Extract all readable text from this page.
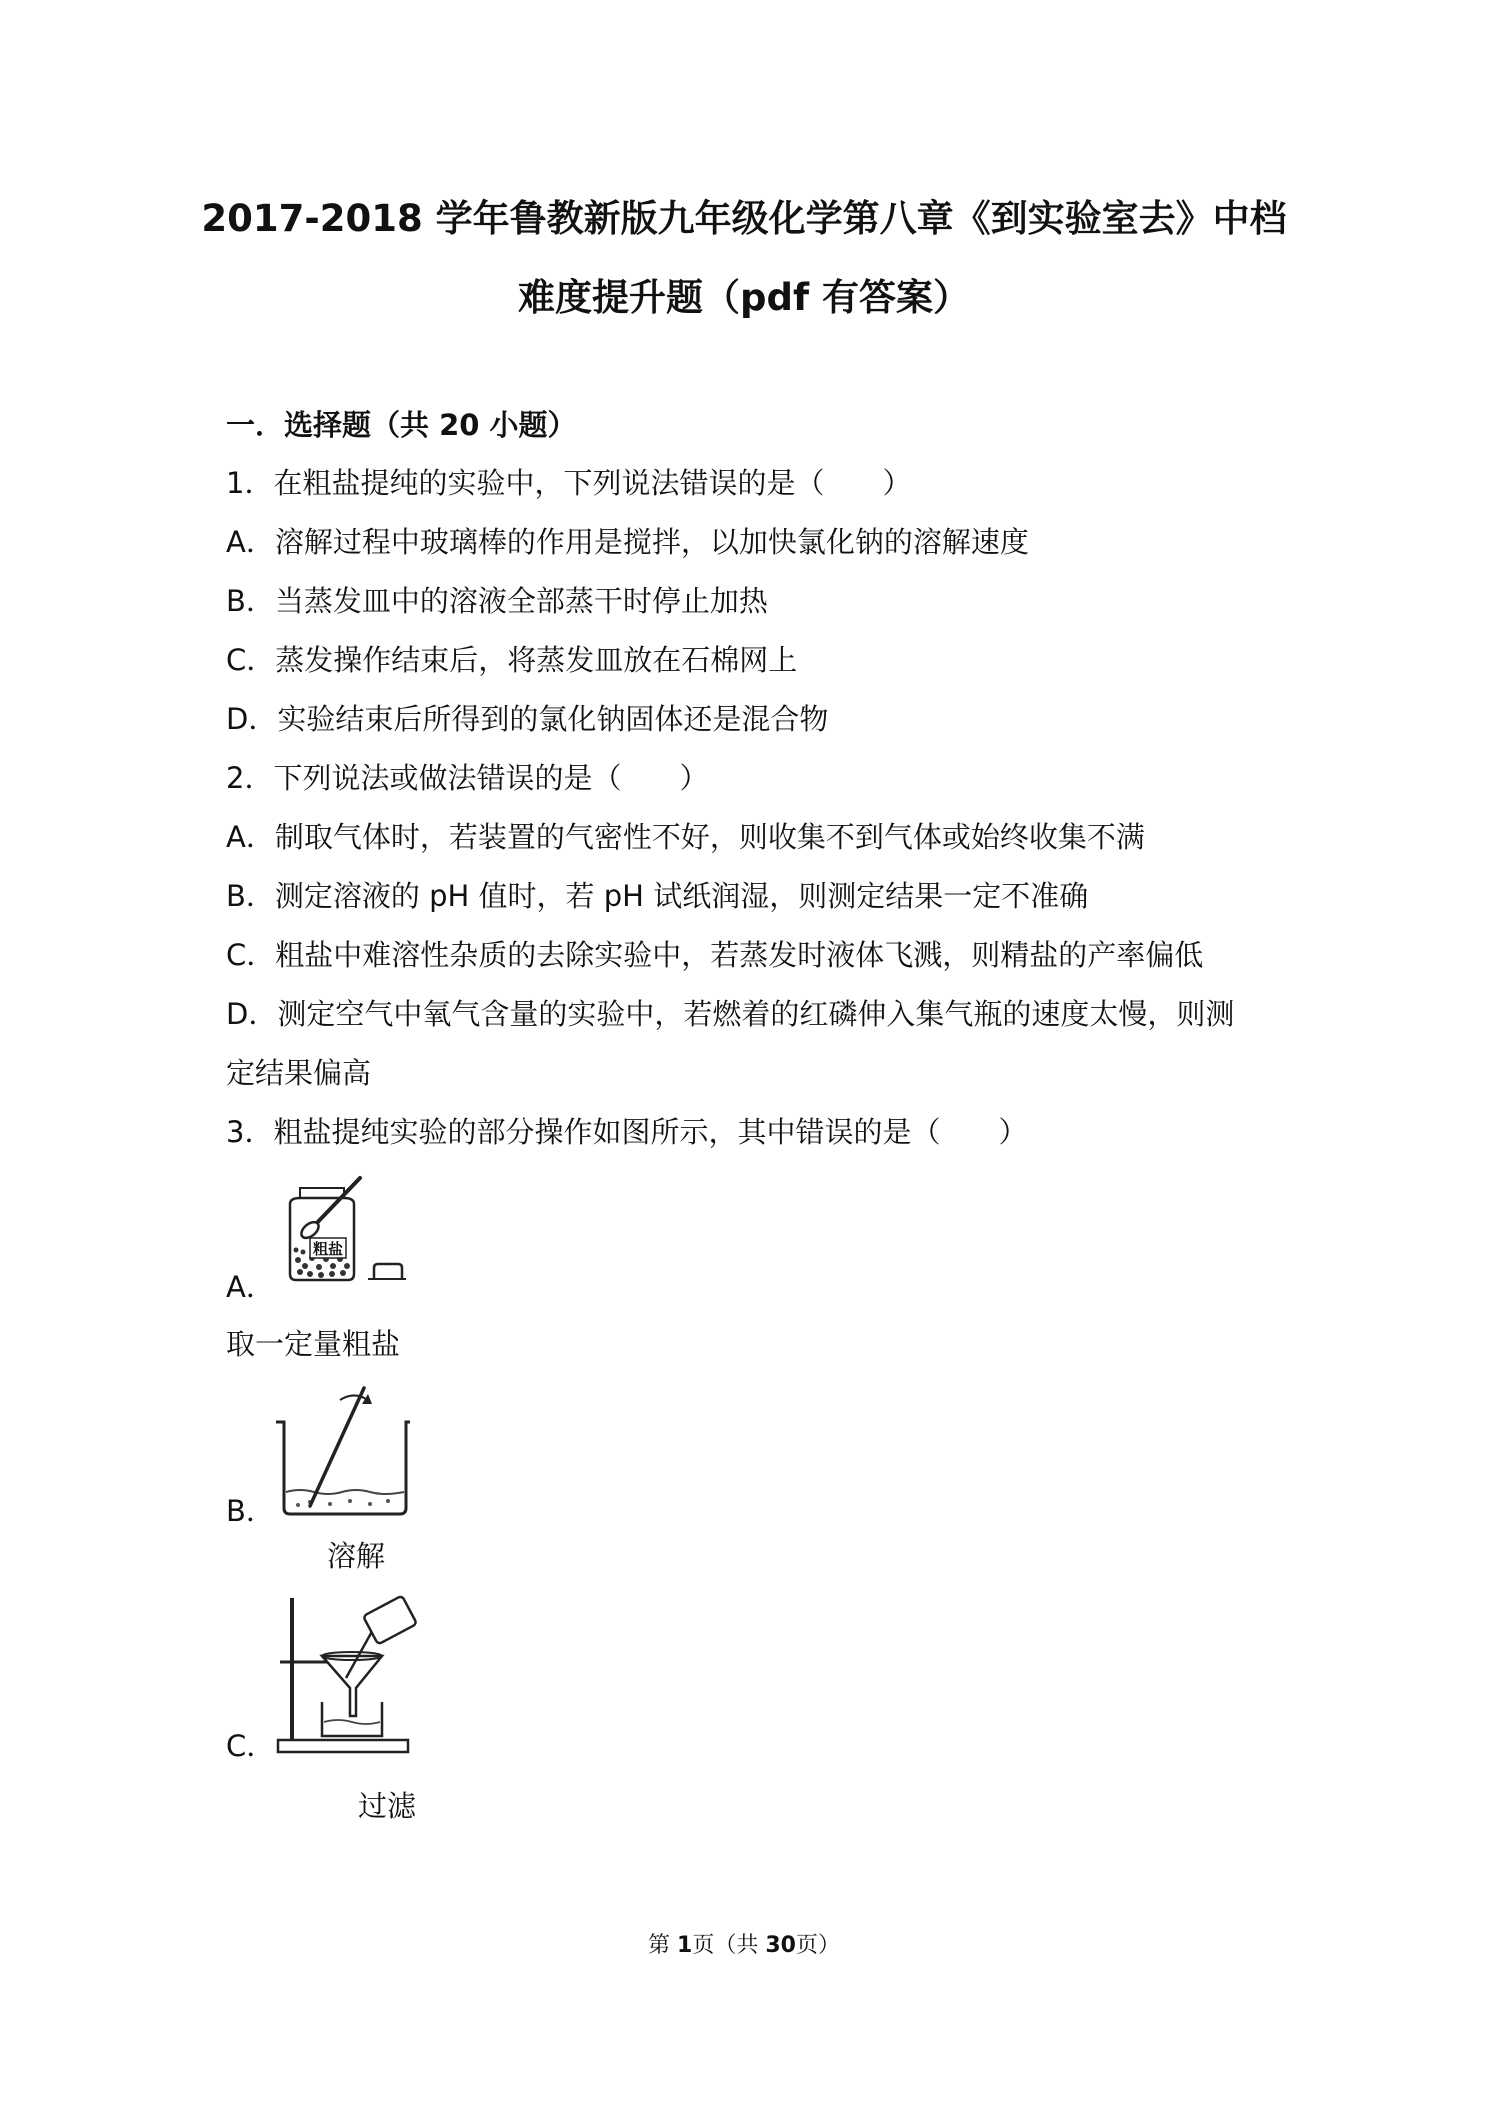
2017-2018 学年鲁教新版九年级化学第八章《到实验室去》中档
难度提升题（pdf 有答案）
一．选择题（共 20 小题）
1．在粗盐提纯的实验中，下列说法错误的是（　　）
A．溶解过程中玻璃棒的作用是搅拌，以加快氯化钠的溶解速度
B．当蒸发皿中的溶液全部蒸干时停止加热
C．蒸发操作结束后，将蒸发皿放在石棉网上
D．实验结束后所得到的氯化钠固体还是混合物
2．下列说法或做法错误的是（　　）
A．制取气体时，若装置的气密性不好，则收集不到气体或始终收集不满
B．测定溶液的 pH 值时，若 pH 试纸润湿，则测定结果一定不准确
C．粗盐中难溶性杂质的去除实验中，若蒸发时液体飞溅，则精盐的产率偏低
D．测定空气中氧气含量的实验中，若燃着的红磷伸入集气瓶的速度太慢，则测
定结果偏高
3．粗盐提纯实验的部分操作如图所示，其中错误的是（　　）
A．
粗盐
取一定量粗盐
B．
溶解
C．
过滤
第 1页（共 30页）
